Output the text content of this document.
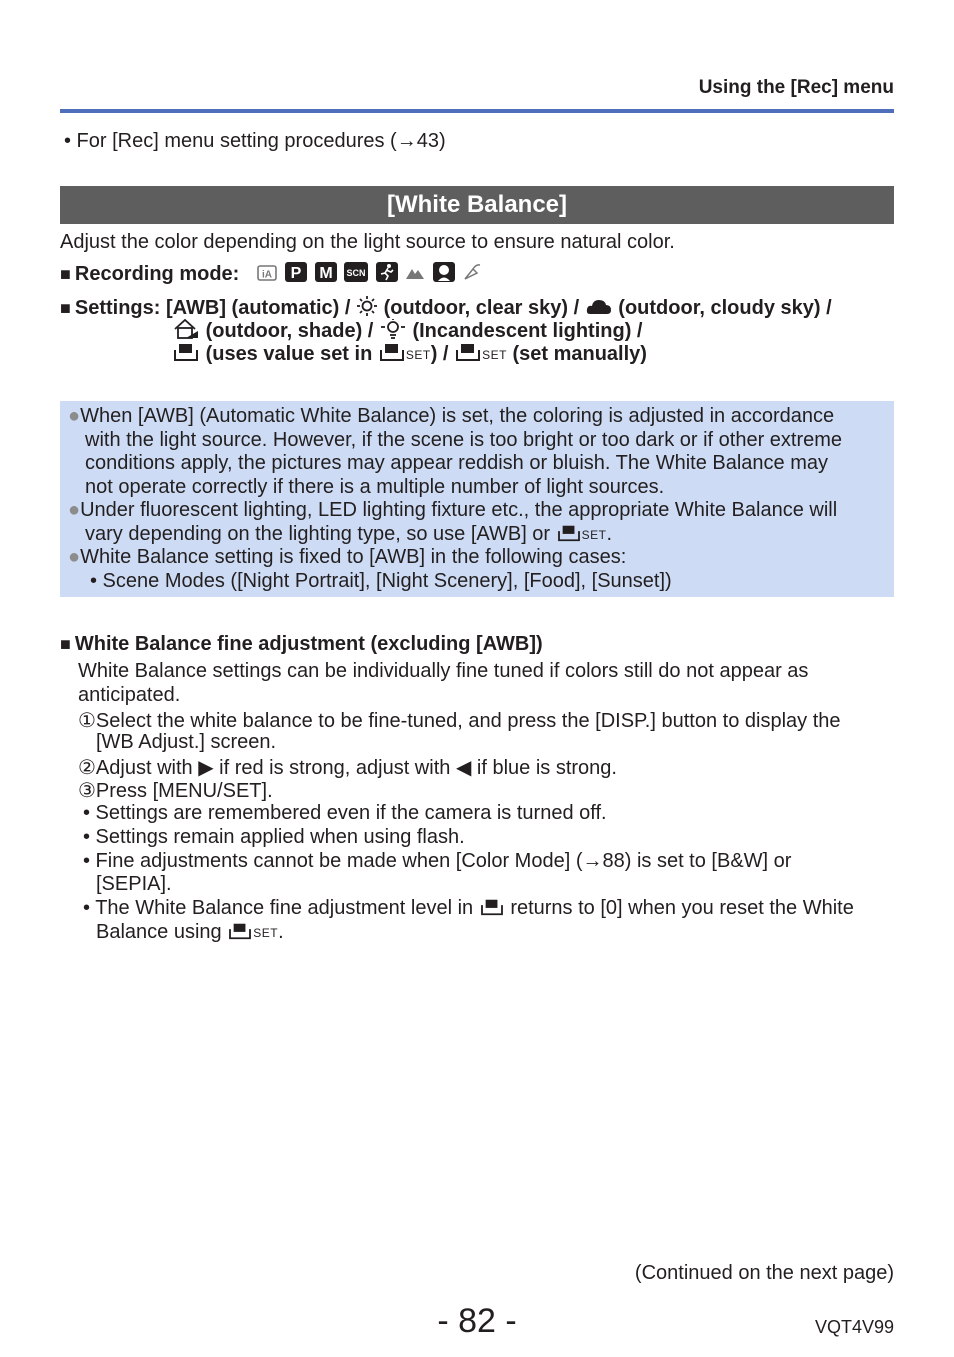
Using the [Rec] menu
• For [Rec] menu setting procedures (→43)
[White Balance]
Adjust the color depending on the light source to ensure natural color.
■ Recording mode: iA
P
M
SCN

■ Settings: [AWB] (automatic) / (outdoor, clear sky) / (outdoor, cloudy sky) /
(outdoor, shade) / (Incandescent lighting) /
(uses value set in	SET) /	SET (set manually)
●When [AWB] (Automatic White Balance) is set, the coloring is adjusted in accordance
with the light source. However, if the scene is too bright or too dark or if other extreme
conditions apply, the pictures may appear reddish or bluish. The White Balance may
not operate correctly if there is a multiple number of light sources.
●Under fluorescent lighting, LED lighting fixture etc., the appropriate White Balance will
vary depending on the lighting type, so use [AWB] or	SET.
●White Balance setting is fixed to [AWB] in the following cases:
• Scene Modes ([Night Portrait], [Night Scenery], [Food], [Sunset])
■ White Balance fine adjustment (excluding [AWB])
White Balance settings can be individually fine tuned if colors still do not appear as
anticipated.
①Select the white balance to be fine-tuned, and press the [DISP.] button to display the
[WB Adjust.] screen.
②Adjust with ▶ if red is strong, adjust with ◀ if blue is strong.
③Press [MENU/SET].
• Settings are remembered even if the camera is turned off.
• Settings remain applied when using flash.
• Fine adjustments cannot be made when [Color Mode] (→88) is set to [B&W] or
[SEPIA].
• The White Balance fine adjustment level in returns to [0] when you reset the White
Balance using	SET.
(Continued on the next page)
- 82 -	VQT4V99
